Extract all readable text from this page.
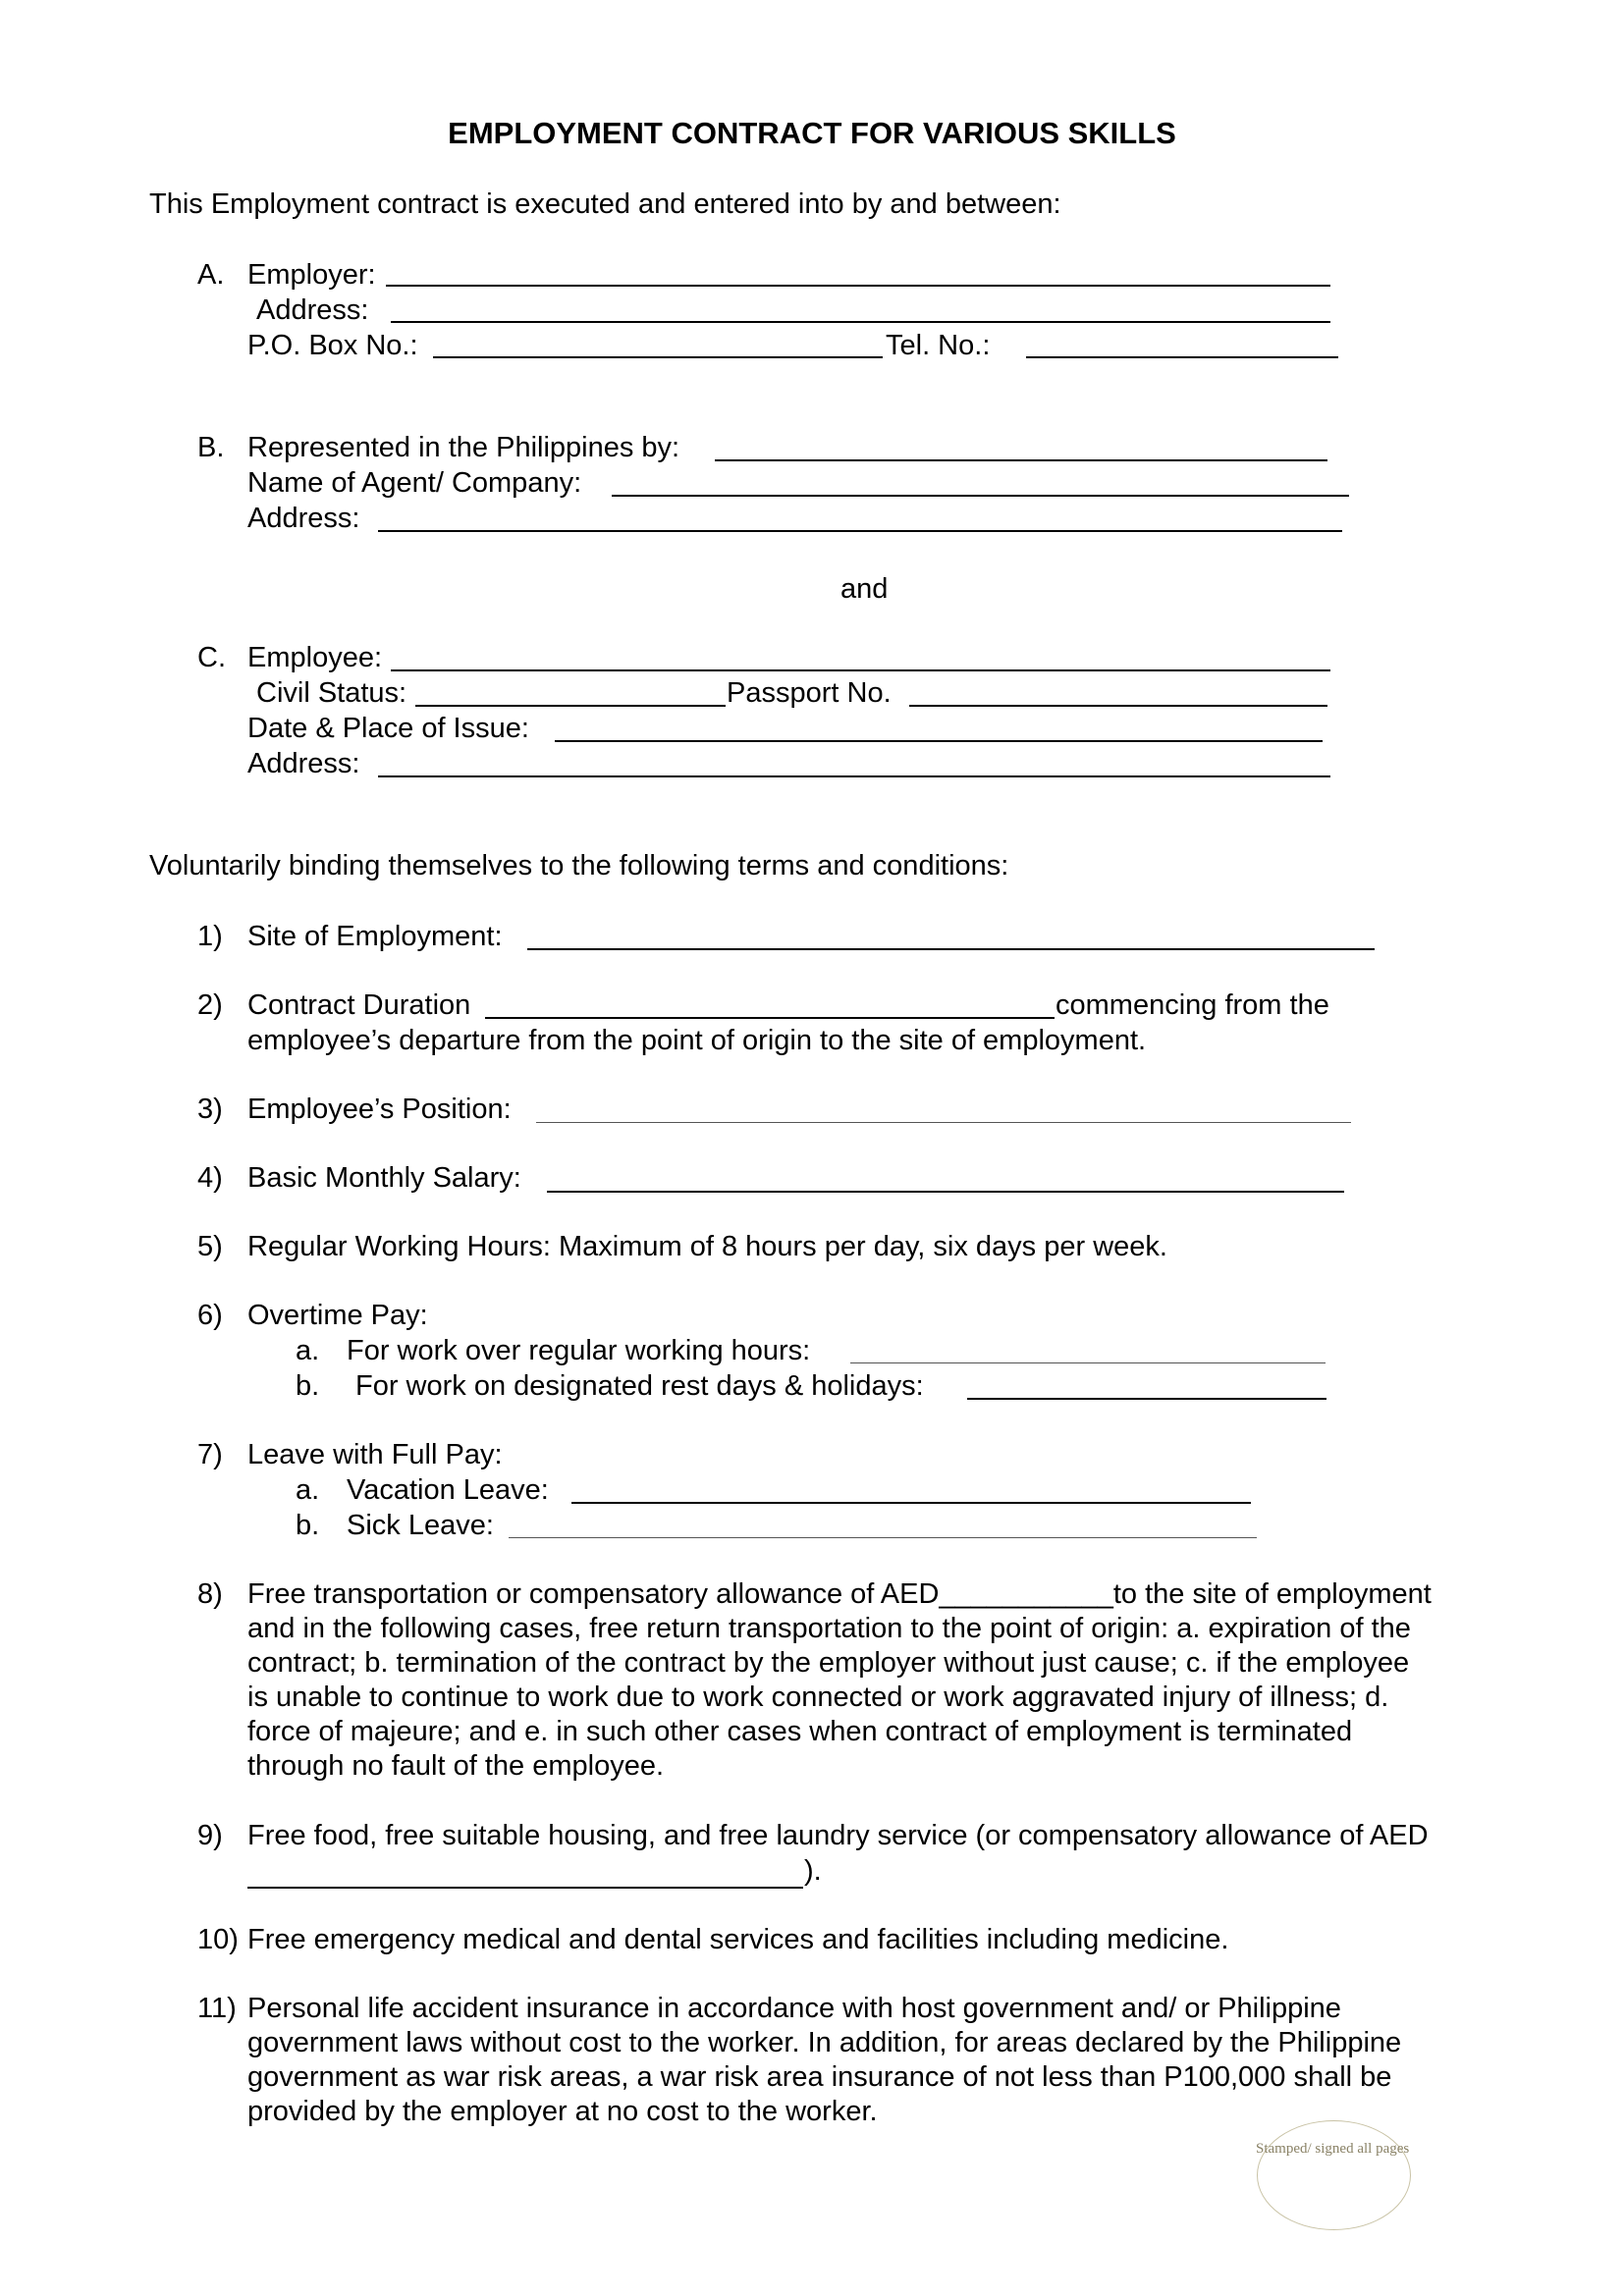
EMPLOYMENT CONTRACT FOR VARIOUS SKILLS
This Employment contract is executed and entered into by and between:
A. Employer:
Address:
P.O. Box No.:	Tel. No.:
B. Represented in the Philippines by:
Name of Agent/ Company:
Address:
and
C. Employee:
Civil Status:	Passport No.
Date & Place of Issue:
Address:
Voluntarily binding themselves to the following terms and conditions:
1) Site of Employment:
2) Contract Duration	commencing from the
employee’s departure from the point of origin to the site of employment.
3) Employee’s Position:
4) Basic Monthly Salary:
5) Regular Working Hours: Maximum of 8 hours per day, six days per week.
6) Overtime Pay:
a. For work over regular working hours:
b. For work on designated rest days & holidays:
7) Leave with Full Pay:
a. Vacation Leave:
b. Sick Leave:
8) Free transportation or compensatory allowance of AED___________to the site of employment
and in the following cases, free return transportation to the point of origin: a. expiration of the
contract; b. termination of the contract by the employer without just cause; c. if the employee
is unable to continue to work due to work connected or work aggravated injury of illness; d.
force of majeure; and e. in such other cases when contract of employment is terminated
through no fault of the employee.
9) Free food, free suitable housing, and free laundry service (or compensatory allowance of AED
).
10) Free emergency medical and dental services and facilities including medicine.
11) Personal life accident insurance in accordance with host government and/ or Philippine
government laws without cost to the worker. In addition, for areas declared by the Philippine
government as war risk areas, a war risk area insurance of not less than P100,000 shall be
provided by the employer at no cost to the worker.
Stamped/ signed all pages
